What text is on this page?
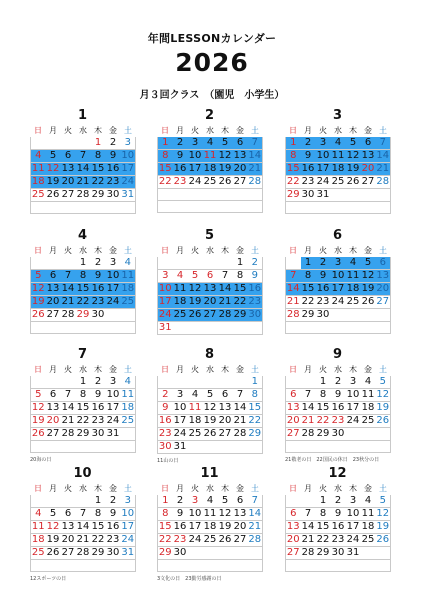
年間LESSONカレンダー
2026
月３回クラス　（園児　小学生）
1
日	月	火	水	木	金	土
				1	2	3
4	5	6	7	8	9	10
11	12	13	14	15	16	17
18	19	20	21	22	23	24
25	26	27	28	29	30	31

2
日	月	火	水	木	金	土
1	2	3	4	5	6	7
8	9	10	11	12	13	14
15	16	17	18	19	20	21
22	23	24	25	26	27	28

3
日	月	火	水	木	金	土
1	2	3	4	5	6	7
8	9	10	11	12	13	14
15	16	17	18	19	20	21
22	23	24	25	26	27	28
29	30	31				

4
日	月	火	水	木	金	土
			1	2	3	4
5	6	7	8	9	10	11
12	13	14	15	16	17	18
19	20	21	22	23	24	25
26	27	28	29	30		

5
日	月	火	水	木	金	土
					1	2
3	4	5	6	7	8	9
10	11	12	13	14	15	16
17	18	19	20	21	22	23
24	25	26	27	28	29	30
31						
6
日	月	火	水	木	金	土
	1	2	3	4	5	6
7	8	9	10	11	12	13
14	15	16	17	18	19	20
21	22	23	24	25	26	27
28	29	30				

7
日	月	火	水	木	金	土
			1	2	3	4
5	6	7	8	9	10	11
12	13	14	15	16	17	18
19	20	21	22	23	24	25
26	27	28	29	30	31	

20海の日
8
日	月	火	水	木	金	土
						1
2	3	4	5	6	7	8
9	10	11	12	13	14	15
16	17	18	19	20	21	22
23	24	25	26	27	28	29
30	31					
11山の日
9
日	月	火	水	木	金	土
		1	2	3	4	5
6	7	8	9	10	11	12
13	14	15	16	17	18	19
20	21	22	23	24	25	26
27	28	29	30			

21敬老の日　22国民の休日　23秋分の日
10
日	月	火	水	木	金	土
				1	2	3
4	5	6	7	8	9	10
11	12	13	14	15	16	17
18	19	20	21	22	23	24
25	26	27	28	29	30	31

12スポーツの日
11
日	月	火	水	木	金	土
1	2	3	4	5	6	7
8	9	10	11	12	13	14
15	16	17	18	19	20	21
22	23	24	25	26	27	28
29	30					

3文化の日　23勤労感謝の日
12
日	月	火	水	木	金	土
		1	2	3	4	5
6	7	8	9	10	11	12
13	14	15	16	17	18	19
20	21	22	23	24	25	26
27	28	29	30	31		
